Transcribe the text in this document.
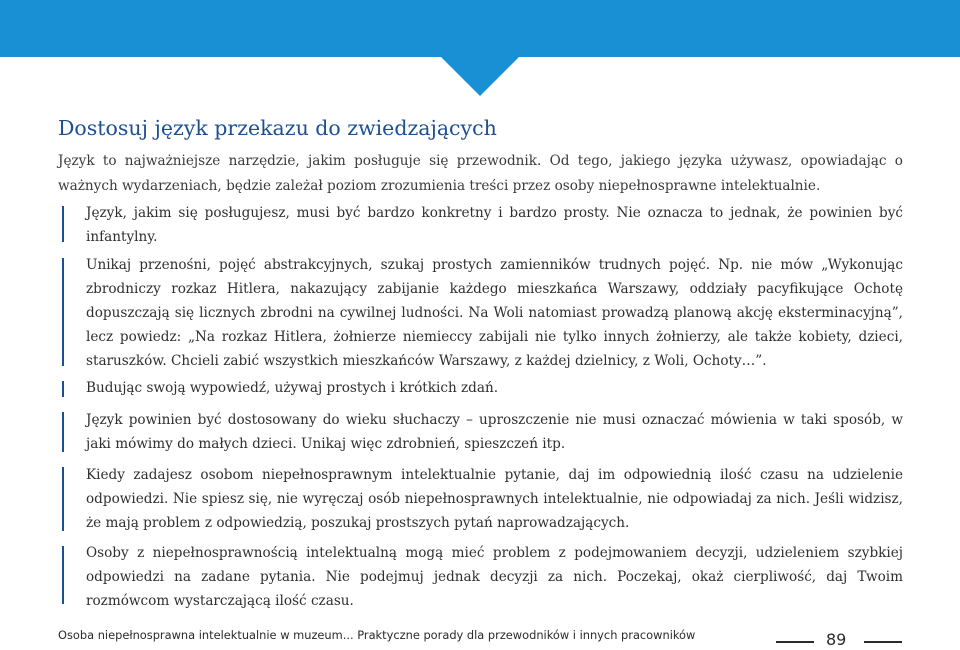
Dostosuj język przekazu do zwiedzających

Język to najważniejsze narzędzie, jakim posługuje się przewodnik. Od tego, jakiego języka używasz, opowiadając o ważnych wydarzeniach, będzie zależał poziom zrozumienia treści przez osoby niepełnosprawne intelektualnie.

Język, jakim się posługujesz, musi być bardzo konkretny i bardzo prosty. Nie oznacza to jednak, że powinien być infantylny.

Unikaj przenośni, pojęć abstrakcyjnych, szukaj prostych zamienników trudnych pojęć. Np. nie mów „Wykonując zbrodniczy rozkaz Hitlera, nakazujący zabijanie każdego mieszkańca Warszawy, oddziały pacyfikujące Ochotę dopuszczają się licznych zbrodni na cywilnej ludności. Na Woli natomiast prowadzą planową akcję eksterminacyjną”, lecz powiedz: „Na rozkaz Hitlera, żołnierze niemieccy zabijali nie tylko innych żołnierzy, ale także kobiety, dzieci, staruszków. Chcieli zabić wszystkich mieszkańców Warszawy, z każdej dzielnicy, z Woli, Ochoty…”.

Budując swoją wypowiedź, używaj prostych i krótkich zdań.

Język powinien być dostosowany do wieku słuchaczy – uproszczenie nie musi oznaczać mówienia w taki sposób, w jaki mówimy do małych dzieci. Unikaj więc zdrobnień, spieszczeń itp.

Kiedy zadajesz osobom niepełnosprawnym intelektualnie pytanie, daj im odpowiednią ilość czasu na udzielenie odpowiedzi. Nie spiesz się, nie wyręczaj osób niepełnosprawnych intelektualnie, nie odpowiadaj za nich. Jeśli widzisz, że mają problem z odpowiedzią, poszukaj prostszych pytań naprowadzających.

Osoby z niepełnosprawnością intelektualną mogą mieć problem z podejmowaniem decyzji, udzieleniem szybkiej odpowiedzi na zadane pytania. Nie podejmuj jednak decyzji za nich. Poczekaj, okaż cierpliwość, daj Twoim rozmówcom wystarczającą ilość czasu.

Osoba niepełnosprawna intelektualnie w muzeum... Praktyczne porady dla przewodników i innych pracowników	89
